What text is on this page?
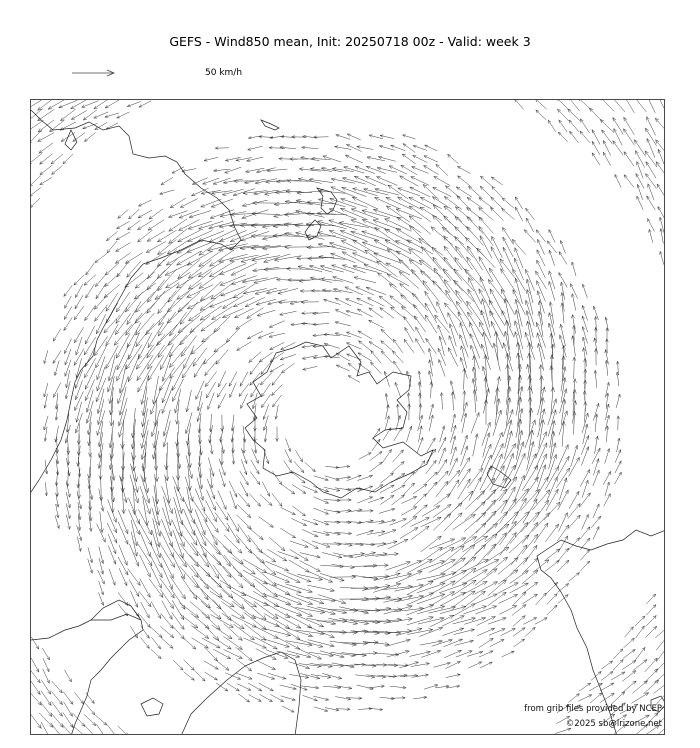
GEFS - Wind850 mean, Init: 20250718 00z - Valid: week 3
50 km/h
from grib files provided by NCEP
©2025 sb@lrizone.net
